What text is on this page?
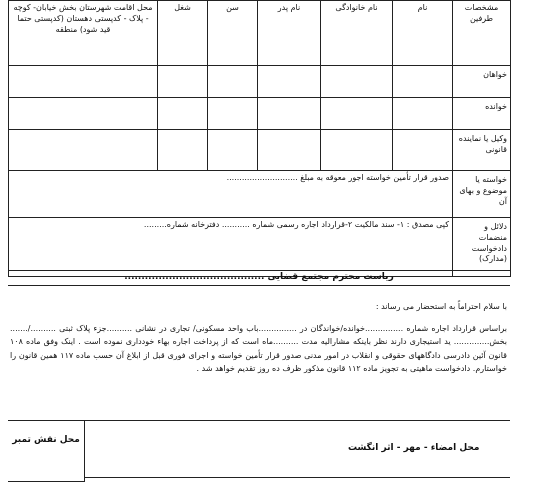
مشخصات طرفین	نام	نام خانوادگی	نام پدر	سن	شغل	محل اقامت شهرستان بخش خیابان- کوچه - پلاک - کدپستی دهستان (کدپستی حتما قید شود) منطقه
خواهان						
خوانده						
وکیل یا نماینده قانونی						
خواسته یا موضوع و بهای آن	صدور قرار تأمین خواسته اجور معوقه به مبلغ ............................					
دلائل و منضمات دادخواست (مدارک)	کپی مصدق : ۱- سند مالکیت ۲-قرارداد اجاره رسمی شماره ........... دفترخانه شماره.........					
ریاست محترم مجتمع قضایی .........................................

با سلام احتراماً به استحضار می رساند :

براساس قرارداد اجاره شماره ...............خوانده/خواندگان در ...............باب واحد مسکونی/ تجاری در نشانی ..........جزء پلاک ثبتی ........../....... بخش.............. ید استیجاری دارند نظر باینکه مشارالیه مدت ..........ماه است که از پرداخت اجاره بهاء خودداری نموده است . اینک وفق ماده ۱۰۸ قانون آئین دادرسی دادگاههای حقوقی و انقلاب در امور مدنی صدور قرار تأمین خواسته و اجرای فوری قبل از ابلاغ آن حسب ماده ۱۱۷ همین قانون را خواستارم. دادخواست ماهیتی به تجویز ماده ۱۱۲ قانون مذکور ظرف ده روز تقدیم خواهد شد .

محل امضاء - مهر - اثر انگشت
محل نقش تمبر
